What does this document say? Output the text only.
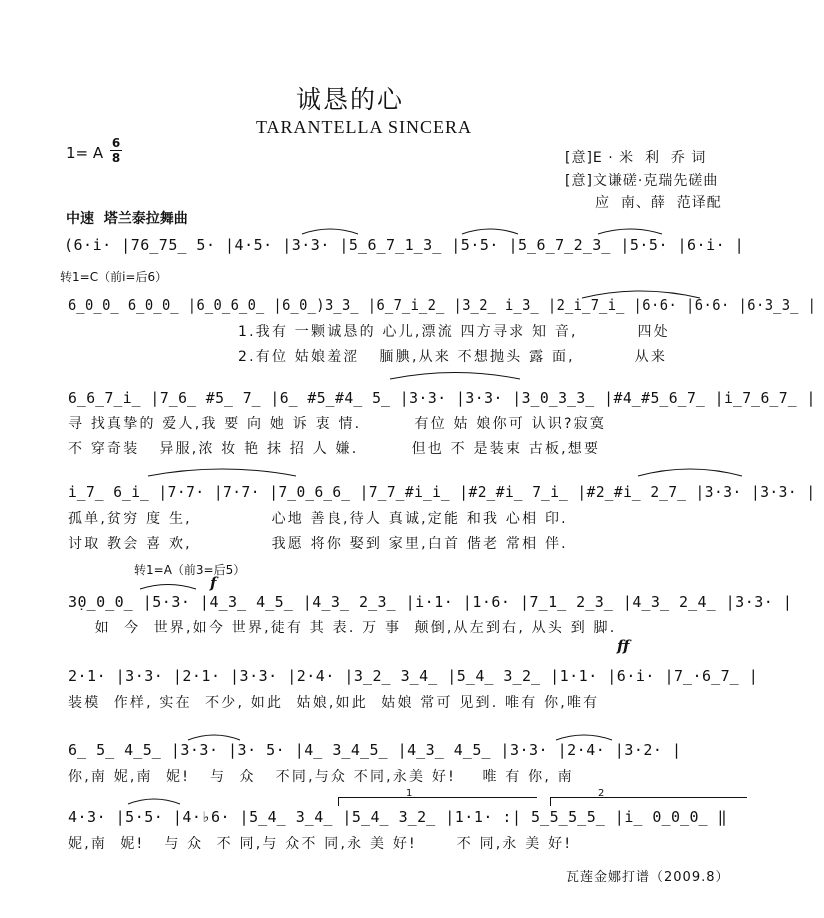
诚恳的心
TARANTELLA SINCERA
1= A
6
8	[意]E · 米  利  乔 词
[意]文谦磋·克瑞先磋曲
应  南、薛  范译配
中速  塔兰泰拉舞曲
转1=C（前i=后6）
转1=A（前3=后5）
f
ff
1	2
(6·i· |76̲75̲ 5· |4·5· |3·3· |5̲6̲7̲1̲3̲ |5·5· |5̲6̲7̲2̲3̲ |5·5· |6·i· |
6̲0̲0̲ 6̲0̲0̲ |6̲0̲6̲0̲ |6̲0̲)3̲3̲ |6̲7̲i̲2̲ |3̲2̲ i̲3̲ |2̲i̲7̲i̲ |6·6· |6·6· |6·3̲3̲ |
1.我有 一颗诚恳的 心儿,漂流 四方寻求 知 音,         四处
2.有位 姑娘羞涩   腼腆,从来 不想抛头 露 面,         从来
6̲6̲7̲i̲ |7̲6̲ #5̲ 7̲ |6̲ #5̲#4̲ 5̲ |3·3· |3·3· |3̲0̲3̲3̲ |#4̲#5̲6̲7̲ |i̲7̲6̲7̲ |
寻 找真挚的 爱人,我 要 向 她 诉 衷 情.        有位 姑 娘你可 认识?寂寞
不 穿奇装   异服,浓 妆 艳 抹 招 人 嫌.        但也 不 是装束 古板,想要
i̲7̲ 6̲i̲ |7·7· |7·7· |7̲0̲6̲6̲ |7̲7̲#i̲i̲ |#2̲#i̲ 7̲i̲ |#2̲#i̲ 2̲7̲ |3·3· |3·3· |
孤单,贫穷 度 生,            心地 善良,待人 真诚,定能 和我 心相 印.
讨取 教会 喜 欢,            我愿 将你 娶到 家里,白首 偕老 常相 伴.
3̣0̲0̲0̲ |5·3· |4̲3̲ 4̲5̲ |4̲3̲ 2̲3̲ |i·1· |1·6· |7̲1̲ 2̲3̲ |4̲3̲ 2̲4̲ |3·3· |
如  今  世界,如今 世界,徒有 其 表. 万 事  颠倒,从左到右, 从头 到 脚.
2·1· |3·3· |2·1· |3·3· |2·4· |3̲2̲ 3̲4̲ |5̲4̲ 3̲2̲ |1·1· |6·i· |7̲·6̲7̲ |
装模  作样, 实在  不少, 如此  姑娘,如此  姑娘 常可 见到. 唯有 你,唯有
6̲ 5̲ 4̲5̲ |3·3· |3· 5· |4̲ 3̲4̲5̲ |4̲3̲ 4̲5̲ |3·3· |2·4· |3·2· |
你,南 妮,南  妮!   与  众   不同,与众 不同,永美 好!    唯 有 你, 南
4·3· |5·5· |4·♭6· |5̲4̲ 3̲4̲ |5̲4̲ 3̲2̲ |1·1· :| 5̲5̲5̲5̲ |i̲ 0̲0̲0̲ ‖
妮,南  妮!   与 众  不 同,与 众不 同,永 美 好!      不 同,永 美 好!
瓦莲金娜打谱（2009.8）
